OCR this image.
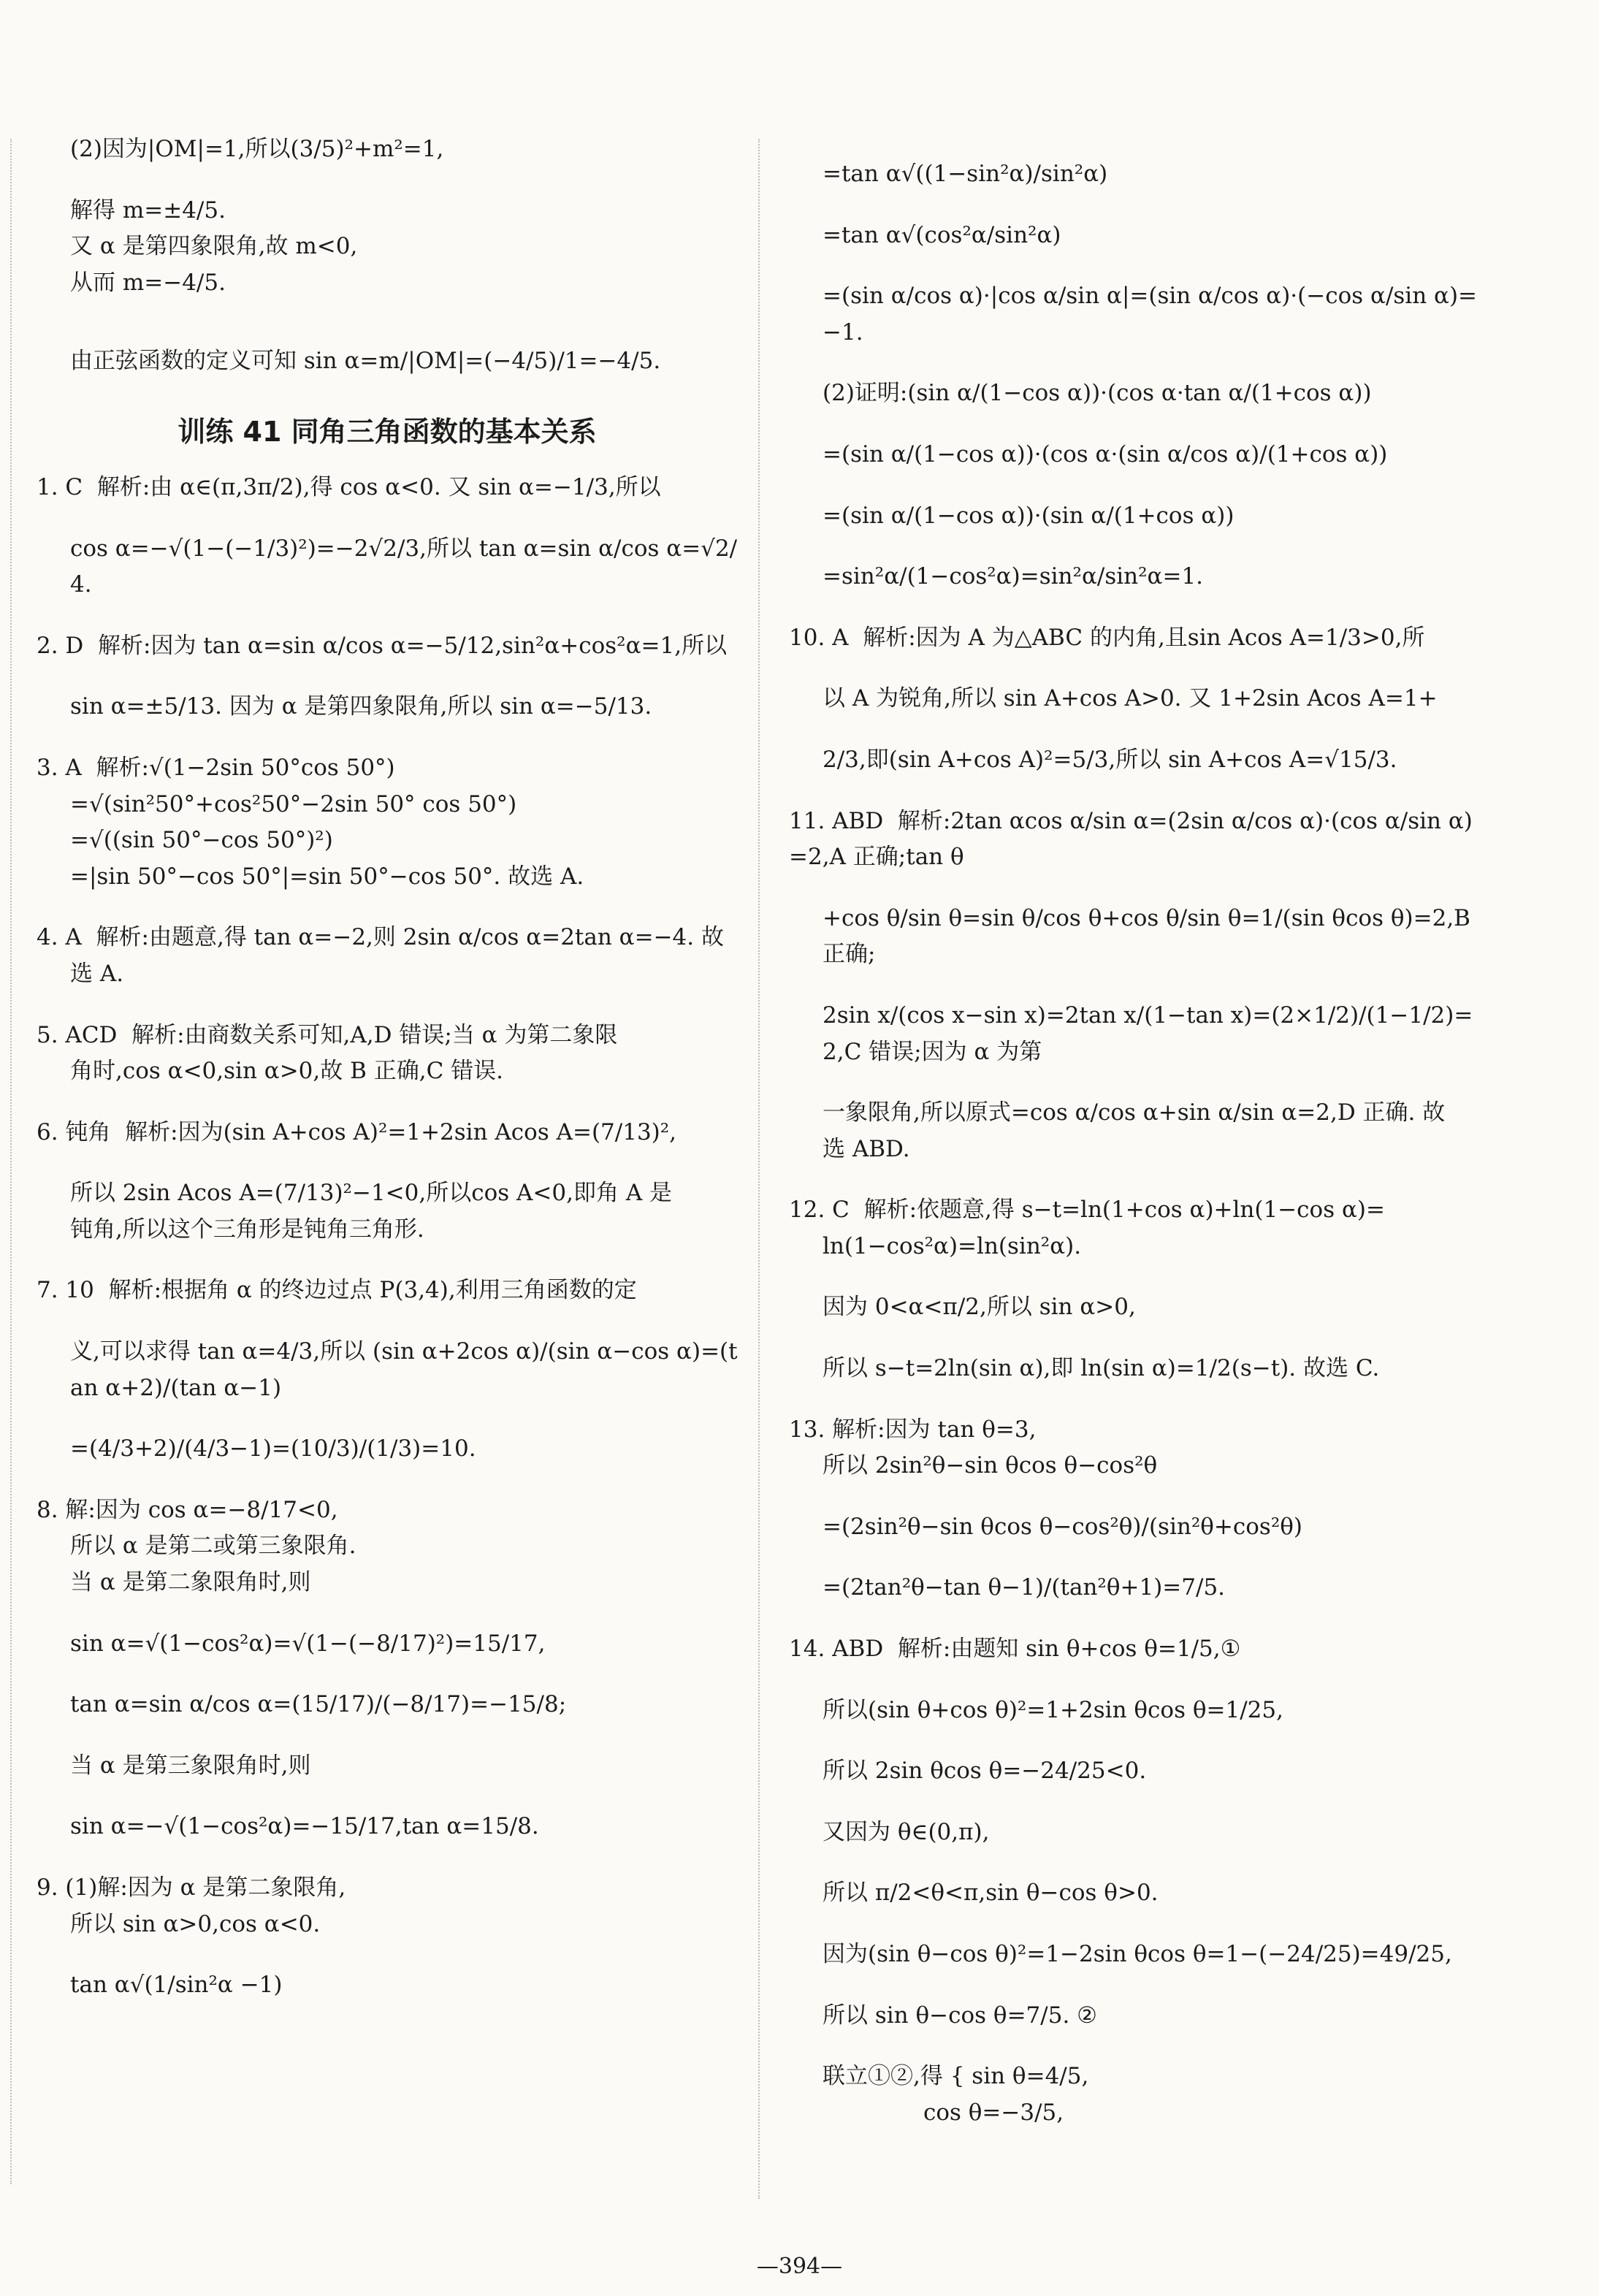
(2)因为|OM|=1,所以(3/5)²+m²=1,

解得 m=±4/5.

又 α 是第四象限角,故 m<0,

从而 m=−4/5.

由正弦函数的定义可知 sin α=m/|OM|=(−4/5)/1=−4/5.

训练 41 同角三角函数的基本关系

1. C  解析:由 α∈(π,3π/2),得 cos α<0. 又 sin α=−1/3,所以

cos α=−√(1−(−1/3)²)=−2√2/3,所以 tan α=sin α/cos α=√2/4.

2. D  解析:因为 tan α=sin α/cos α=−5/12,sin²α+cos²α=1,所以

sin α=±5/13. 因为 α 是第四象限角,所以 sin α=−5/13.

3. A  解析:√(1−2sin 50°cos 50°)

=√(sin²50°+cos²50°−2sin 50° cos 50°)

=√((sin 50°−cos 50°)²)

=|sin 50°−cos 50°|=sin 50°−cos 50°. 故选 A.

4. A  解析:由题意,得 tan α=−2,则 2sin α/cos α=2tan α=−4. 故

选 A.

5. ACD  解析:由商数关系可知,A,D 错误;当 α 为第二象限

角时,cos α<0,sin α>0,故 B 正确,C 错误.

6. 钝角  解析:因为(sin A+cos A)²=1+2sin Acos A=(7/13)²,

所以 2sin Acos A=(7/13)²−1<0,所以cos A<0,即角 A 是

钝角,所以这个三角形是钝角三角形.

7. 10  解析:根据角 α 的终边过点 P(3,4),利用三角函数的定

义,可以求得 tan α=4/3,所以 (sin α+2cos α)/(sin α−cos α)=(tan α+2)/(tan α−1)

=(4/3+2)/(4/3−1)=(10/3)/(1/3)=10.

8. 解:因为 cos α=−8/17<0,

所以 α 是第二或第三象限角.

当 α 是第二象限角时,则

sin α=√(1−cos²α)=√(1−(−8/17)²)=15/17,

tan α=sin α/cos α=(15/17)/(−8/17)=−15/8;

当 α 是第三象限角时,则

sin α=−√(1−cos²α)=−15/17,tan α=15/8.

9. (1)解:因为 α 是第二象限角,

所以 sin α>0,cos α<0.

tan α√(1/sin²α −1)

=tan α√((1−sin²α)/sin²α)

=tan α√(cos²α/sin²α)

=(sin α/cos α)·|cos α/sin α|=(sin α/cos α)·(−cos α/sin α)=−1.

(2)证明:(sin α/(1−cos α))·(cos α·tan α/(1+cos α))

=(sin α/(1−cos α))·(cos α·(sin α/cos α)/(1+cos α))

=(sin α/(1−cos α))·(sin α/(1+cos α))

=sin²α/(1−cos²α)=sin²α/sin²α=1.

10. A  解析:因为 A 为△ABC 的内角,且sin Acos A=1/3>0,所

以 A 为锐角,所以 sin A+cos A>0. 又 1+2sin Acos A=1+

2/3,即(sin A+cos A)²=5/3,所以 sin A+cos A=√15/3.

11. ABD  解析:2tan αcos α/sin α=(2sin α/cos α)·(cos α/sin α)=2,A 正确;tan θ

+cos θ/sin θ=sin θ/cos θ+cos θ/sin θ=1/(sin θcos θ)=2,B 正确;

2sin x/(cos x−sin x)=2tan x/(1−tan x)=(2×1/2)/(1−1/2)=2,C 错误;因为 α 为第

一象限角,所以原式=cos α/cos α+sin α/sin α=2,D 正确. 故

选 ABD.

12. C  解析:依题意,得 s−t=ln(1+cos α)+ln(1−cos α)=

ln(1−cos²α)=ln(sin²α).

因为 0<α<π/2,所以 sin α>0,

所以 s−t=2ln(sin α),即 ln(sin α)=1/2(s−t). 故选 C.

13. 解析:因为 tan θ=3,

所以 2sin²θ−sin θcos θ−cos²θ

=(2sin²θ−sin θcos θ−cos²θ)/(sin²θ+cos²θ)

=(2tan²θ−tan θ−1)/(tan²θ+1)=7/5.

14. ABD  解析:由题知 sin θ+cos θ=1/5,①

所以(sin θ+cos θ)²=1+2sin θcos θ=1/25,

所以 2sin θcos θ=−24/25<0.

又因为 θ∈(0,π),

所以 π/2<θ<π,sin θ−cos θ>0.

因为(sin θ−cos θ)²=1−2sin θcos θ=1−(−24/25)=49/25,

所以 sin θ−cos θ=7/5. ②

联立①②,得 { sin θ=4/5,

cos θ=−3/5,

—394—
